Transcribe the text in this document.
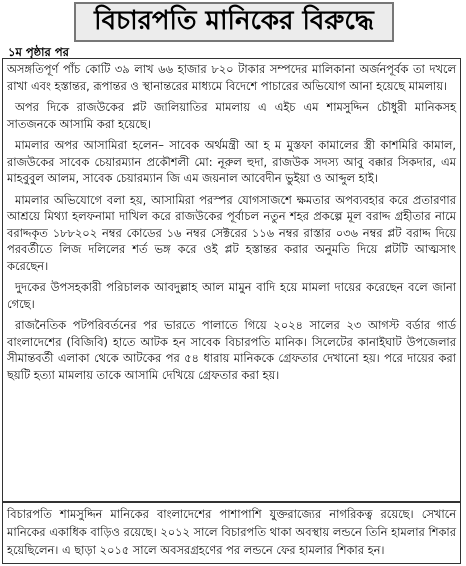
বিচারপতি মানিকের বিরুদ্ধে
১ম পৃষ্ঠার পর

অসঙ্গতিপূর্ণ পাঁচ কোটি ৩৯ লাখ ৬৬ হাজার ৮২০ টাকার সম্পদের মালিকানা অর্জনপূর্বক তা দখলে রাখা এবং হস্তান্তর, রূপান্তর ও স্থানান্তরের মাধ্যমে বিদেশে পাচারের অভিযোগ আনা হয়েছে মামলায়।

অপর দিকে রাজউকের প্লট জালিয়াতির মামলায় এ এইচ এম শামসুদ্দিন চৌধুরী মানিকসহ সাতজনকে আসামি করা হয়েছে।

মামলার অপর আসামিরা হলেন– সাবেক অর্থমন্ত্রী আ হ ম মুস্তফা কামালের স্ত্রী কাশমিরি কামাল, রাজউকের সাবেক চেয়ারম্যান প্রকৌশলী মো: নূরুল হুদা, রাজউক সদস্য আবু বক্কার সিকদার, এম মাহবুবুল আলম, সাবেক চেয়ারম্যান জি এম জয়নাল আবেদীন ভুইয়া ও আব্দুল হাই।

মামলার অভিযোগে বলা হয়, আসামিরা পরস্পর যোগসাজশে ক্ষমতার অপব্যবহার করে প্রতারণার আশ্রয়ে মিথ্যা হলফনামা দাখিল করে রাজউকের পূর্বাচল নতুন শহর প্রকল্পে মূল বরাদ্দ গ্রহীতার নামে বরাদ্দকৃত ১৮৮২০২ নম্বর কোডের ১৬ নম্বর সেক্টরের ১১৬ নম্বর রাস্তার ০৩৬ নম্বর প্লট বরাদ্দ দিয়ে পরবর্তীতে লিজ দলিলের শর্ত ভঙ্গ করে ওই প্লট হস্তান্তর করার অনুমতি দিয়ে প্লটটি আত্মসাৎ করেছেন।

দুদকের উপসহকারী পরিচালক আবদুল্লাহ আল মামুন বাদি হয়ে মামলা দায়ের করেছেন বলে জানা গেছে।

রাজনৈতিক পটপরিবর্তনের পর ভারতে পালাতে গিয়ে ২০২৪ সালের ২৩ আগস্ট বর্ডার গার্ড বাংলাদেশের (বিজিবি) হাতে আটক হন সাবেক বিচারপতি মানিক। সিলেটের কানাইঘাট উপজেলার সীমান্তবর্তী এলাকা থেকে আটকের পর ৫৪ ধারায় মানিককে গ্রেফতার দেখানো হয়। পরে দায়ের করা ছয়টি হত্যা মামলায় তাকে আসামি দেখিয়ে গ্রেফতার করা হয়।

বিচারপতি শামসুদ্দিন মানিকের বাংলাদেশের পাশাপাশি যুক্তরাজ্যের নাগরিকত্ব রয়েছে। সেখানে মানিকের একাধিক বাড়িও রয়েছে। ২০১২ সালে বিচারপতি থাকা অবস্থায় লন্ডনে তিনি হামলার শিকার হয়েছিলেন। এ ছাড়া ২০১৫ সালে অবসরগ্রহণের পর লন্ডনে ফের হামলার শিকার হন।
